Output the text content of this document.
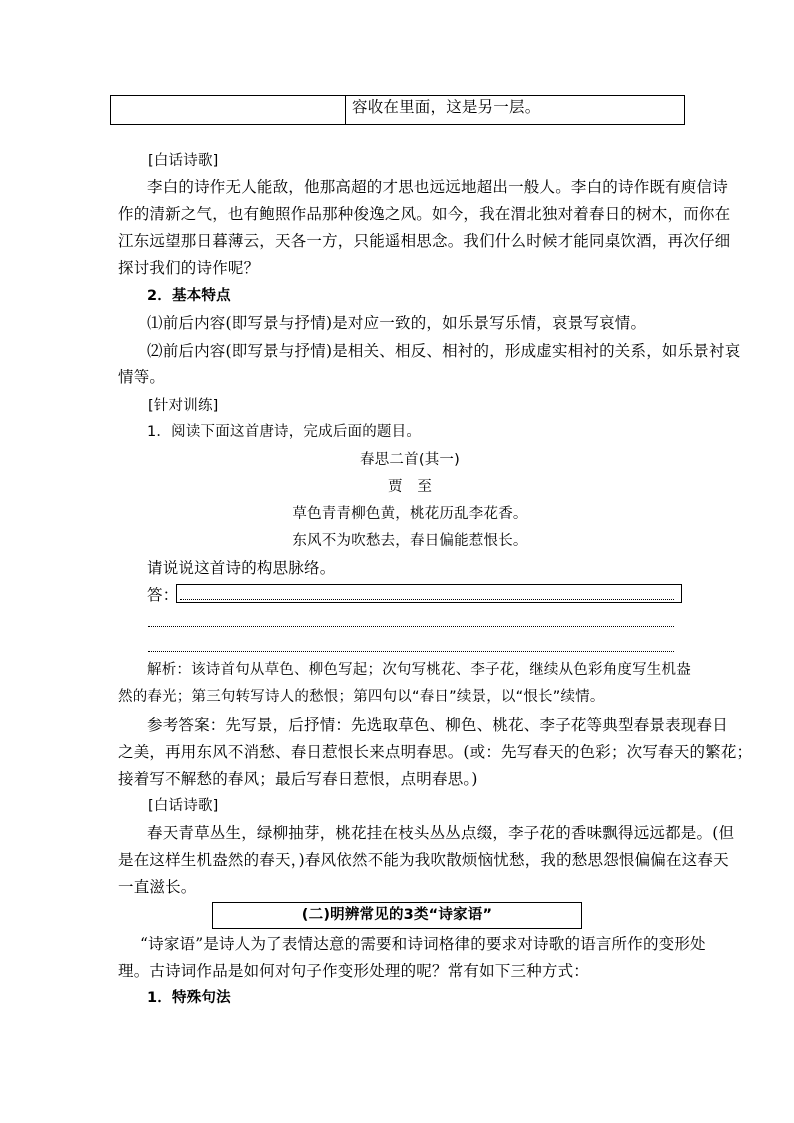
容收在里面，这是另一层。
[白话诗歌]
李白的诗作无人能敌，他那高超的才思也远远地超出一般人。李白的诗作既有庾信诗
作的清新之气，也有鲍照作品那种俊逸之风。如今，我在渭北独对着春日的树木，而你在
江东远望那日暮薄云，天各一方，只能遥相思念。我们什么时候才能同桌饮酒，再次仔细
探讨我们的诗作呢？
2．基本特点
⑴前后内容(即写景与抒情)是对应一致的，如乐景写乐情，哀景写哀情。
⑵前后内容(即写景与抒情)是相关、相反、相衬的，形成虚实相衬的关系，如乐景衬哀
情等。
[针对训练]
1．阅读下面这首唐诗，完成后面的题目。
春思二首(其一)
贾　至
草色青青柳色黄，桃花历乱李花香。
东风不为吹愁去，春日偏能惹恨长。
请说说这首诗的构思脉络。
答：
解析：该诗首句从草色、柳色写起；次句写桃花、李子花，继续从色彩角度写生机盎
然的春光；第三句转写诗人的愁恨；第四句以“春日”续景，以“恨长”续情。
参考答案：先写景，后抒情：先选取草色、柳色、桃花、李子花等典型春景表现春日
之美，再用东风不消愁、春日惹恨长来点明春思。(或：先写春天的色彩；次写春天的繁花；
接着写不解愁的春风；最后写春日惹恨，点明春思。)
[白话诗歌]
春天青草丛生，绿柳抽芽，桃花挂在枝头丛丛点缀，李子花的香味飘得远远都是。(但
是在这样生机盎然的春天，)春风依然不能为我吹散烦恼忧愁，我的愁思怨恨偏偏在这春天
一直滋长。
(二)明辨常见的3类“诗家语”
“诗家语”是诗人为了表情达意的需要和诗词格律的要求对诗歌的语言所作的变形处
理。古诗词作品是如何对句子作变形处理的呢？常有如下三种方式：
1．特殊句法
